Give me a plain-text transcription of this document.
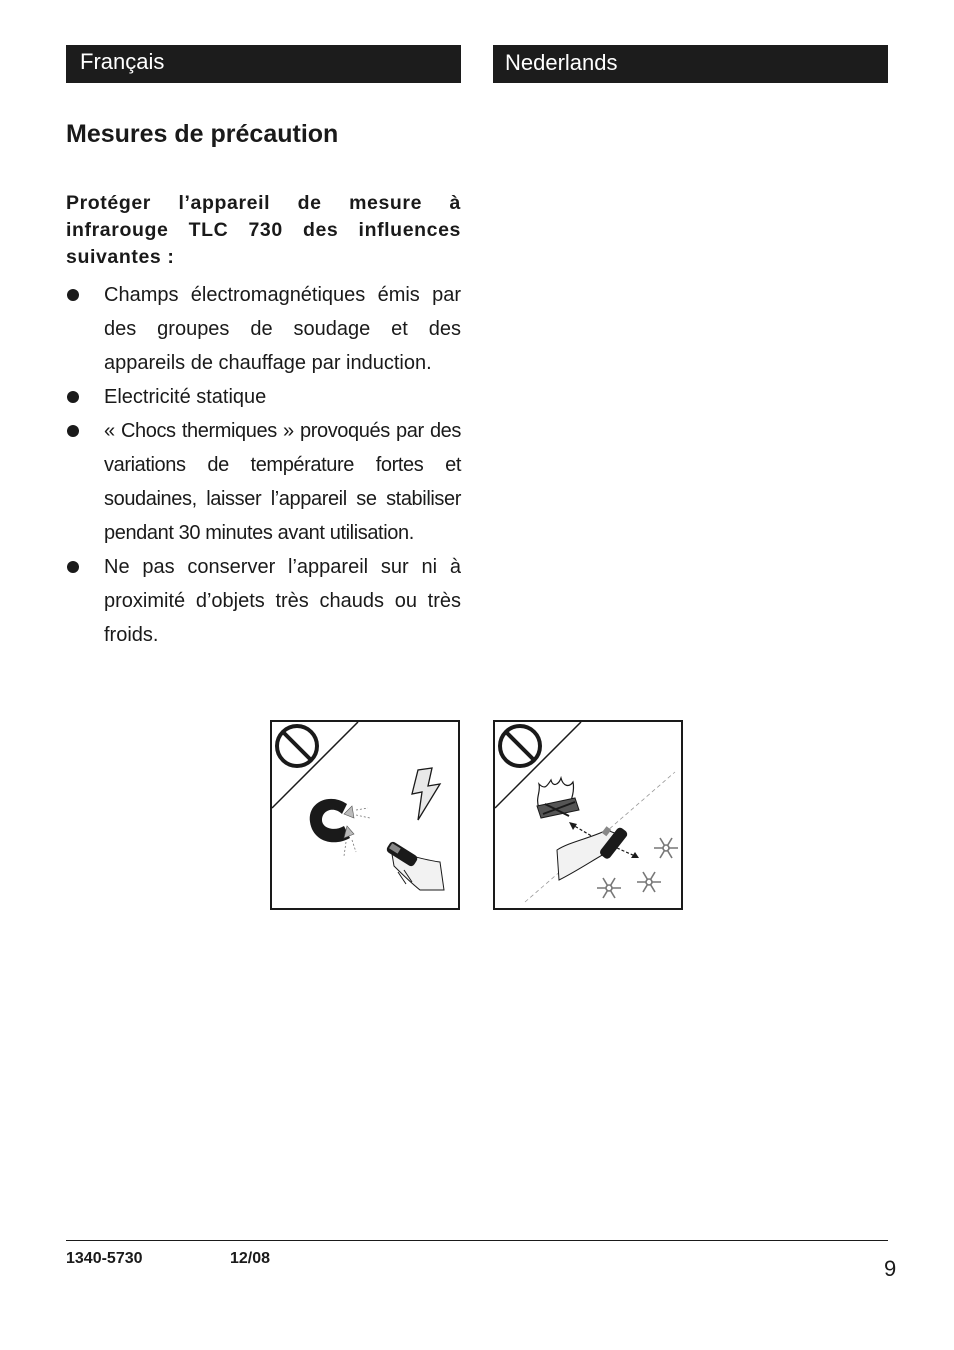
Français	Nederlands
Mesures de précaution

Protéger l’appareil de mesure à infrarouge TLC 730 des influences suivantes :

Champs électromagnétiques émis par des groupes de soudage et des appareils de chauffage par induction.
Electricité statique
« Chocs thermiques » provoqués par des variations de température fortes et soudaines, laisser l’appareil se stabiliser pendant 30 minutes avant utilisation.
Ne pas conserver l’appareil sur ni à proximité d’objets très chauds ou très froids.
1340-5730	12/08	9
